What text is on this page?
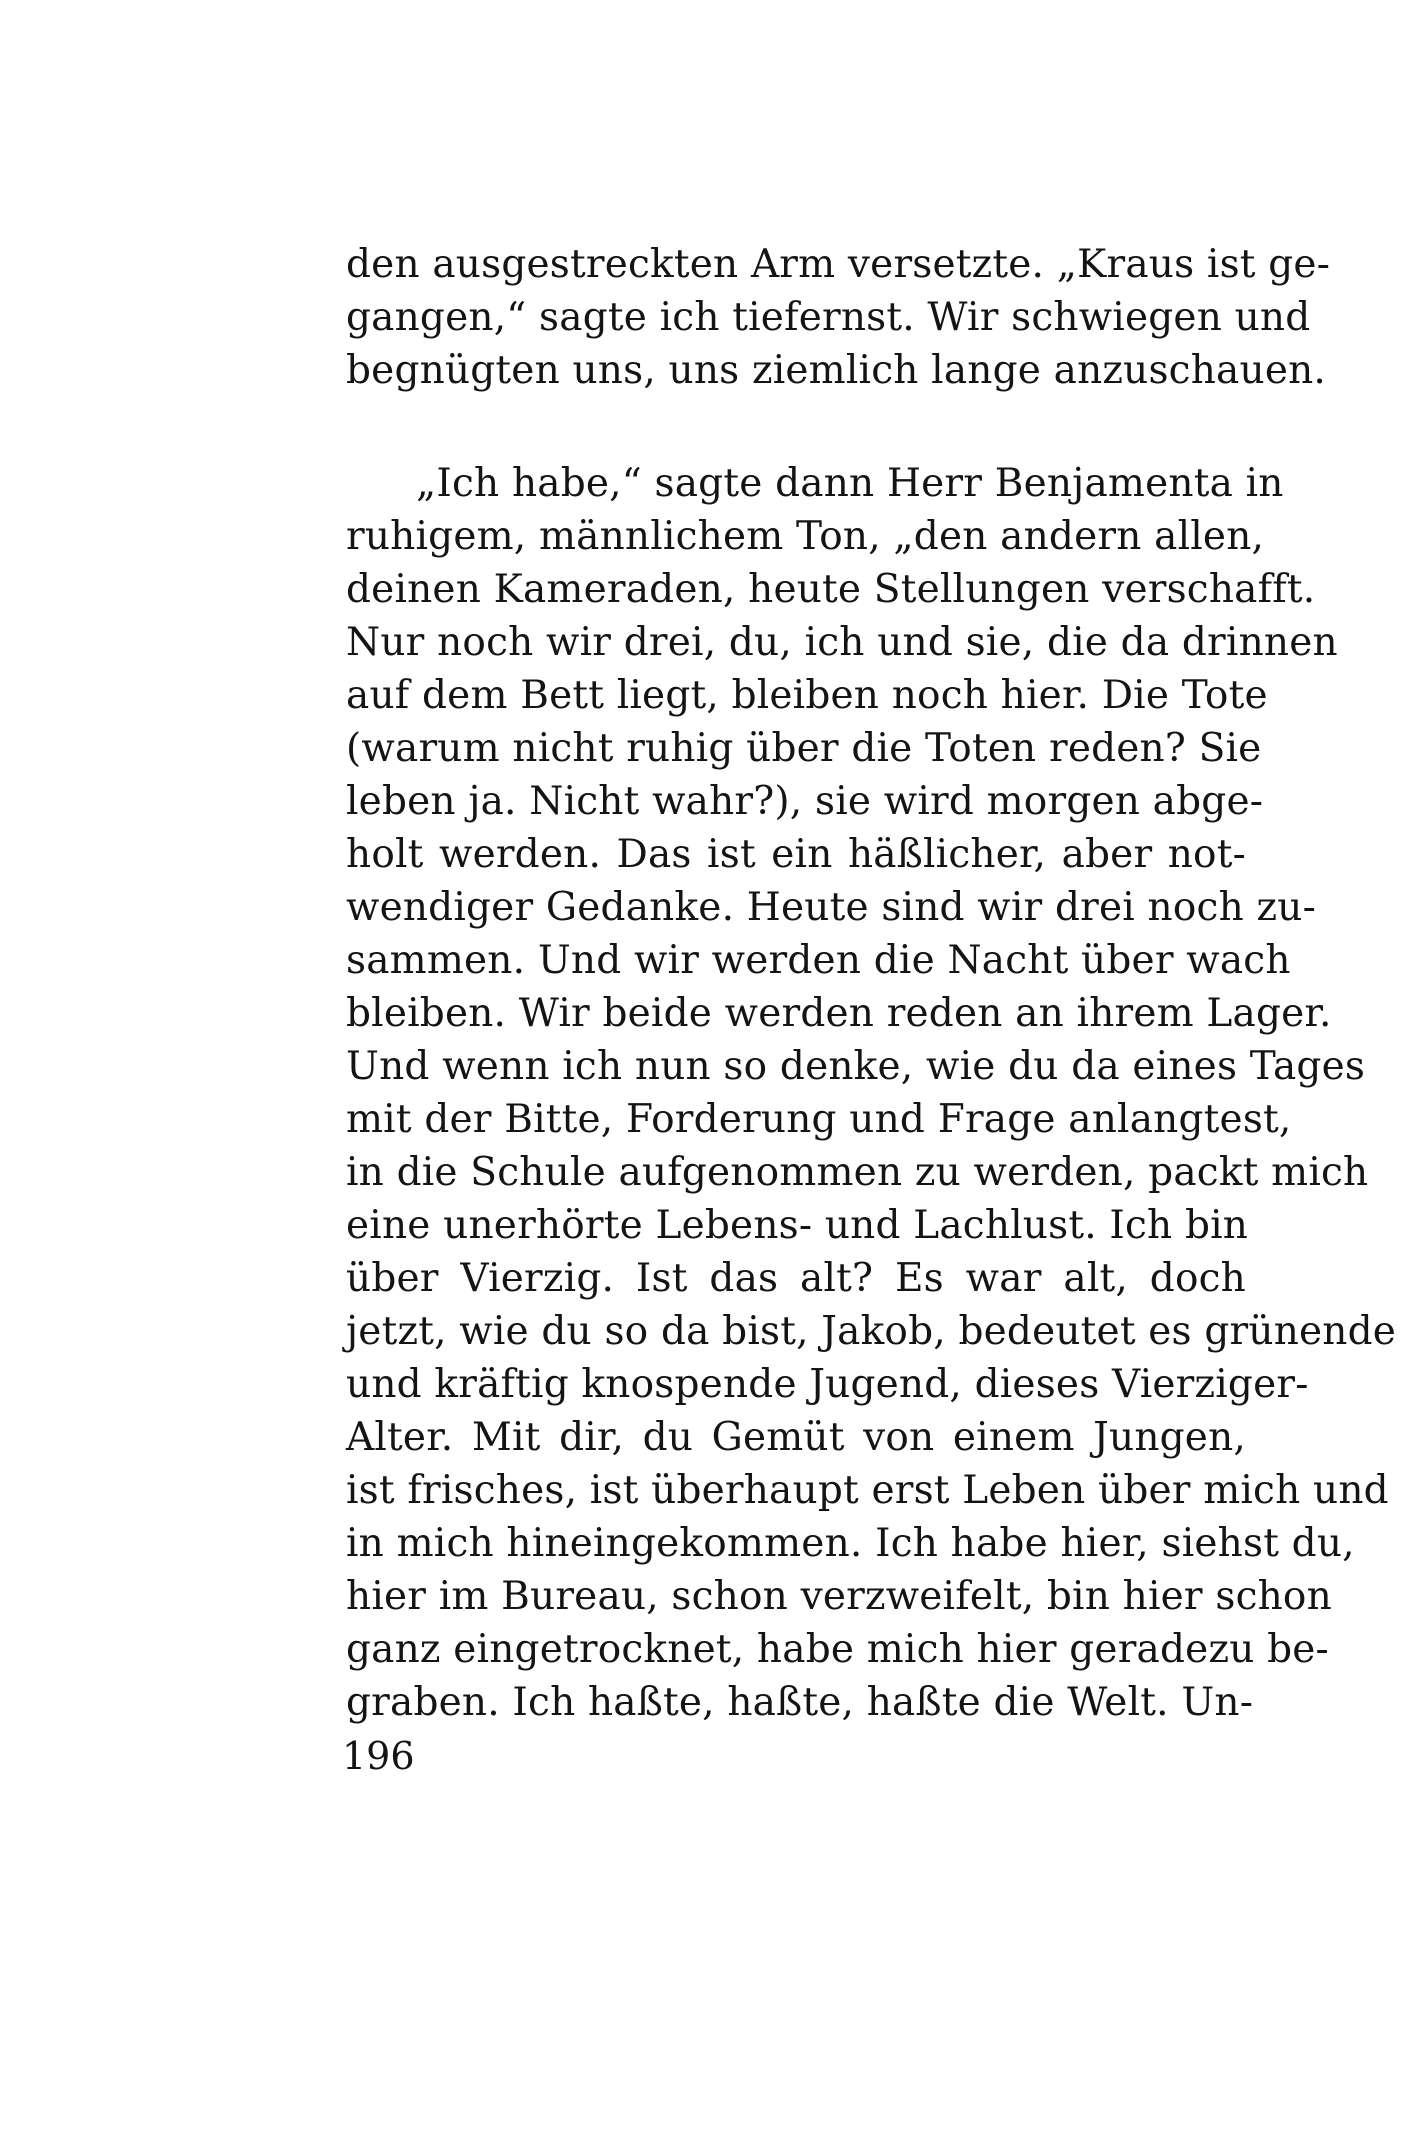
den ausgestreckten Arm versetzte. „Kraus ist ge-
gangen,“ sagte ich tiefernst. Wir schwiegen und
begnügten uns, uns ziemlich lange anzuschauen.

„Ich habe,“ sagte dann Herr Benjamenta in
ruhigem, männlichem Ton, „den andern allen,
deinen Kameraden, heute Stellungen verschafft.
Nur noch wir drei, du, ich und sie, die da drinnen
auf dem Bett liegt, bleiben noch hier. Die Tote
(warum nicht ruhig über die Toten reden? Sie
leben ja. Nicht wahr?), sie wird morgen abge-
holt werden. Das ist ein häßlicher, aber not-
wendiger Gedanke. Heute sind wir drei noch zu-
sammen. Und wir werden die Nacht über wach
bleiben. Wir beide werden reden an ihrem Lager.
Und wenn ich nun so denke, wie du da eines Tages
mit der Bitte, Forderung und Frage anlangtest,
in die Schule aufgenommen zu werden, packt mich
eine unerhörte Lebens- und Lachlust. Ich bin
über Vierzig. Ist das alt? Es war alt, doch
jetzt, wie du so da bist, Jakob, bedeutet es grünende
und kräftig knospende Jugend, dieses Vierziger-
Alter. Mit dir, du Gemüt von einem Jungen,
ist frisches, ist überhaupt erst Leben über mich und
in mich hineingekommen. Ich habe hier, siehst du,
hier im Bureau, schon verzweifelt, bin hier schon
ganz eingetrocknet, habe mich hier geradezu be-
graben. Ich haßte, haßte, haßte die Welt. Un-

196
